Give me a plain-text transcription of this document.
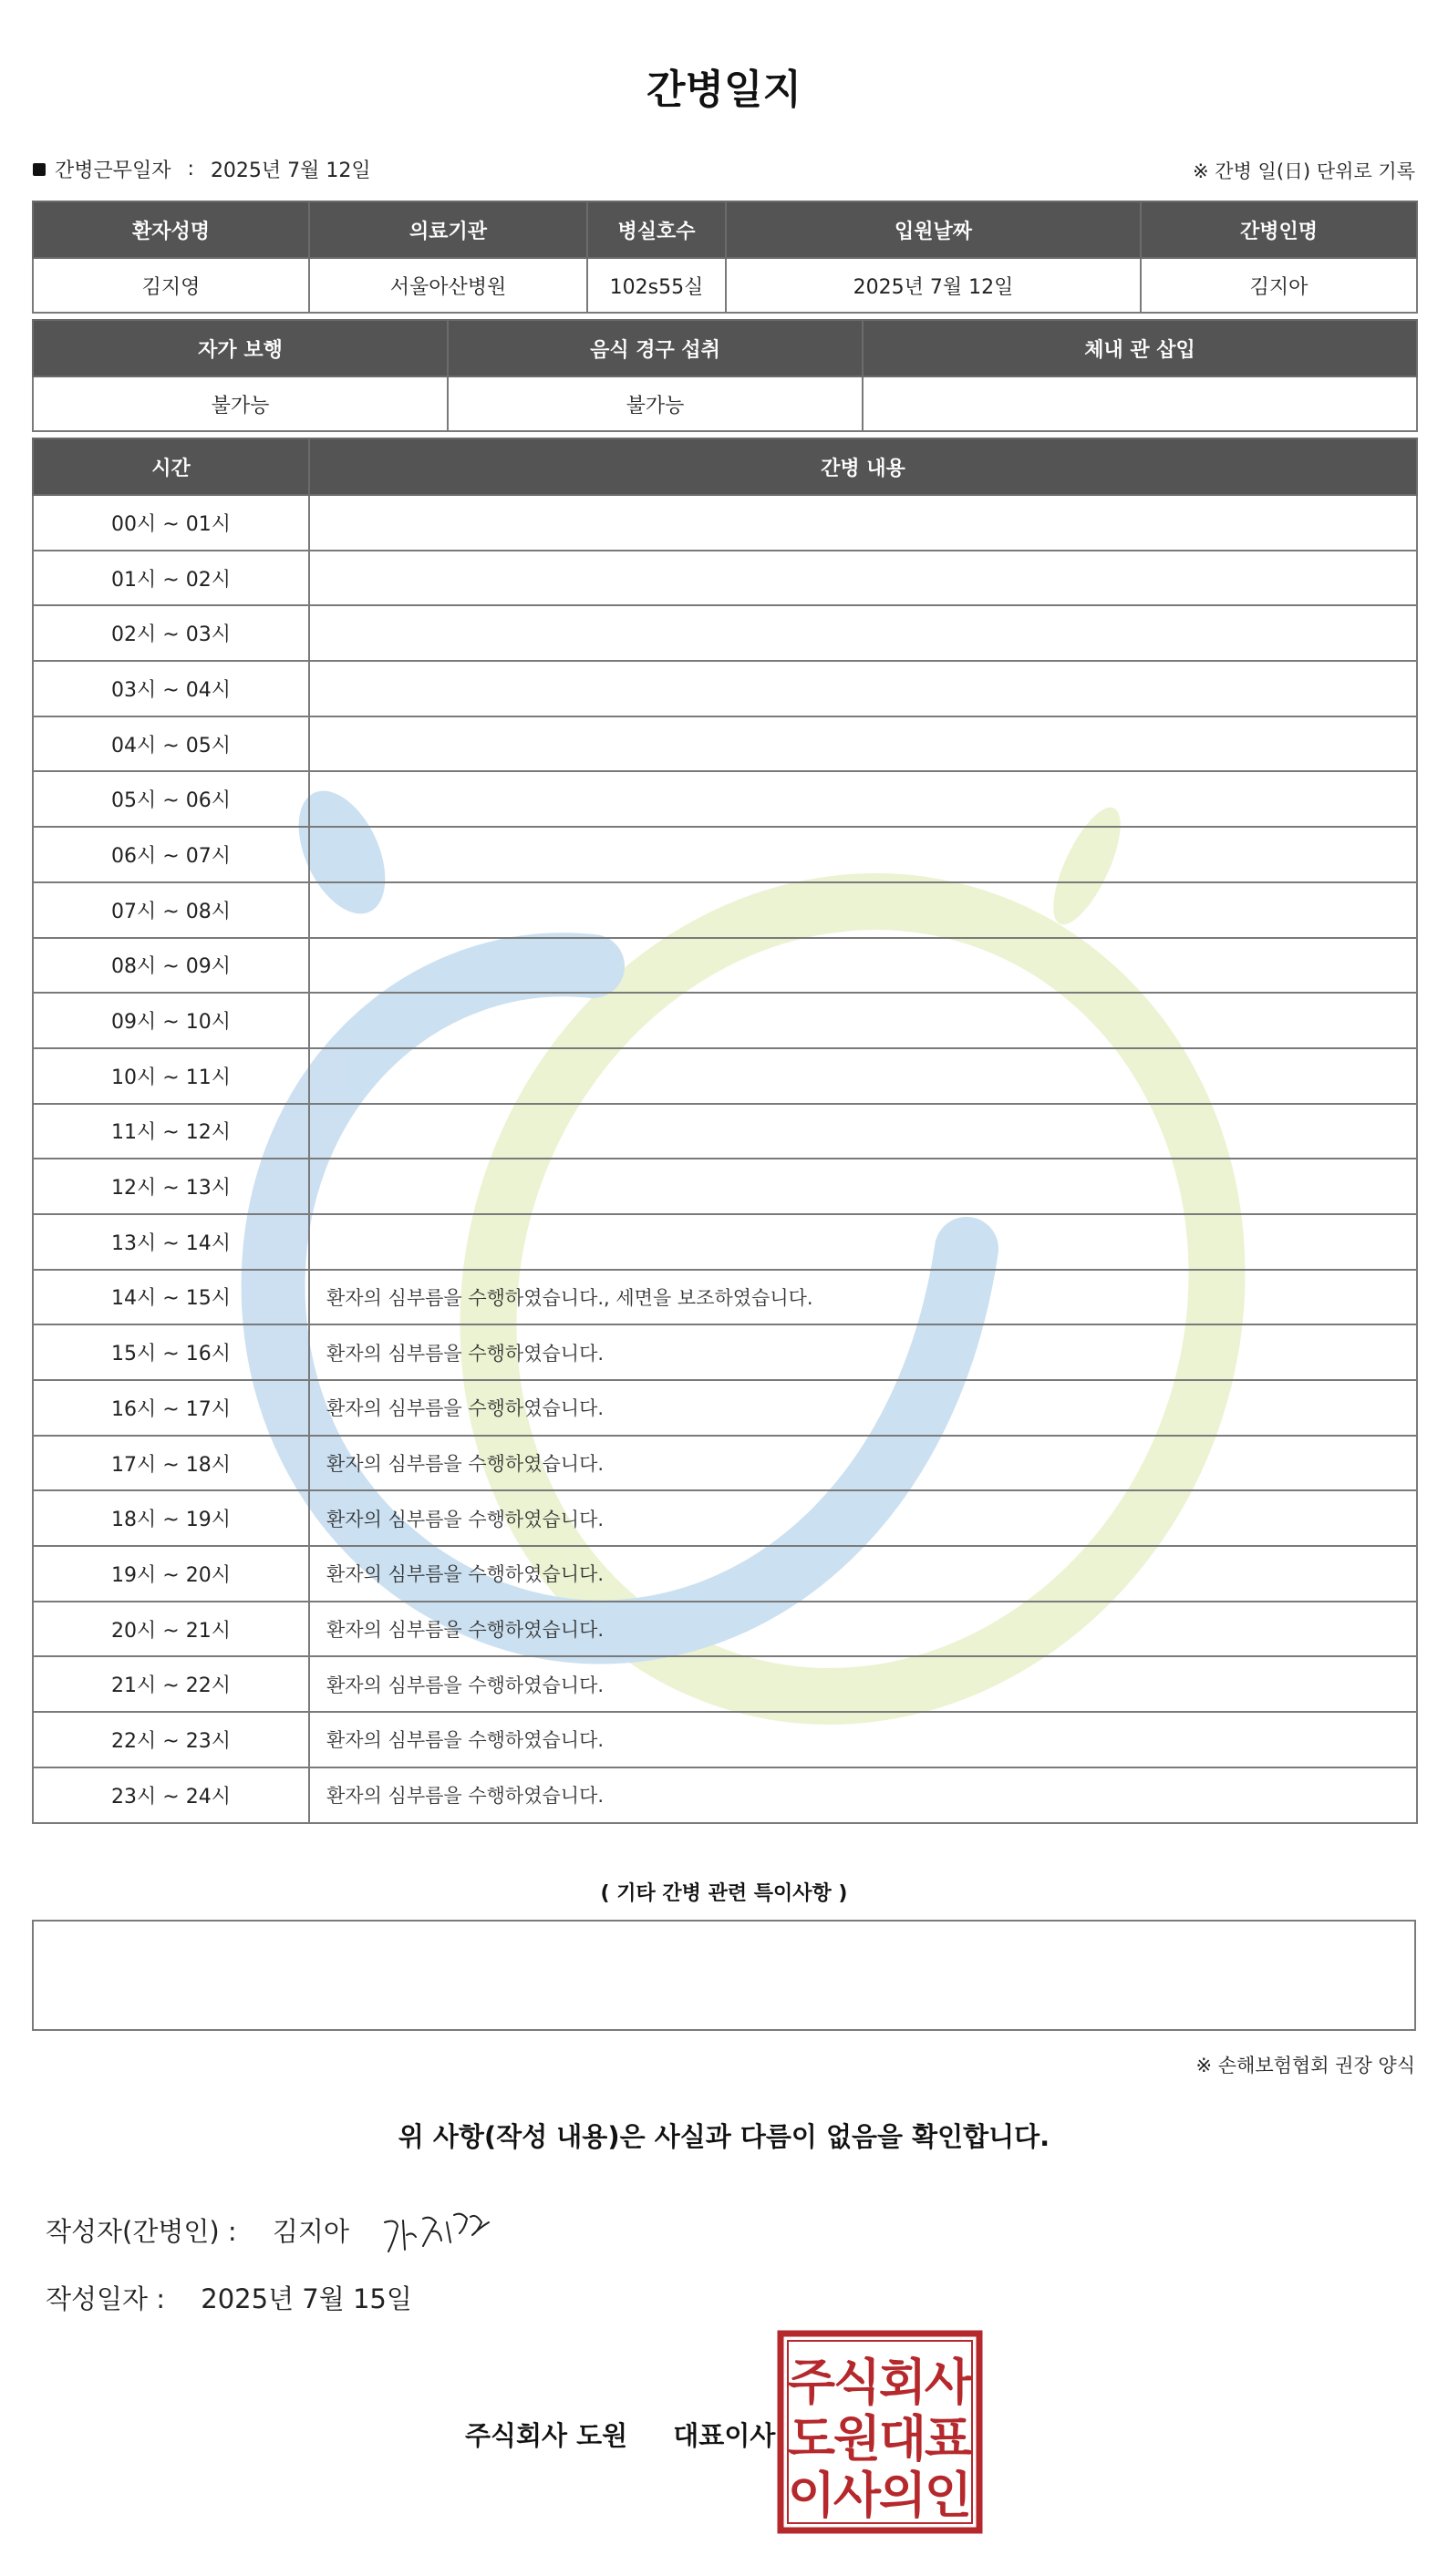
간병일지
간병근무일자 : 2025년 7월 12일	※ 간병 일(日) 단위로 기록
환자성명	의료기관	병실호수	입원날짜	간병인명
김지영	서울아산병원	102s55실	2025년 7월 12일	김지아
자가 보행	음식 경구 섭취	체내 관 삽입
불가능	불가능	
시간	간병 내용
00시 ~ 01시	
01시 ~ 02시	
02시 ~ 03시	
03시 ~ 04시	
04시 ~ 05시	
05시 ~ 06시	
06시 ~ 07시	
07시 ~ 08시	
08시 ~ 09시	
09시 ~ 10시	
10시 ~ 11시	
11시 ~ 12시	
12시 ~ 13시	
13시 ~ 14시	
14시 ~ 15시	환자의 심부름을 수행하였습니다., 세면을 보조하였습니다.
15시 ~ 16시	환자의 심부름을 수행하였습니다.
16시 ~ 17시	환자의 심부름을 수행하였습니다.
17시 ~ 18시	환자의 심부름을 수행하였습니다.
18시 ~ 19시	환자의 심부름을 수행하였습니다.
19시 ~ 20시	환자의 심부름을 수행하였습니다.
20시 ~ 21시	환자의 심부름을 수행하였습니다.
21시 ~ 22시	환자의 심부름을 수행하였습니다.
22시 ~ 23시	환자의 심부름을 수행하였습니다.
23시 ~ 24시	환자의 심부름을 수행하였습니다.
( 기타 간병 관련 특이사항 )
※ 손해보험협회 권장 양식
위 사항(작성 내용)은 사실과 다름이 없음을 확인합니다.
작성자(간병인) : 김지아
작성일자 : 2025년 7월 15일
주식회사 도원 대표이사
주
식
회
사
도
원
대
표
이
사
의
인
